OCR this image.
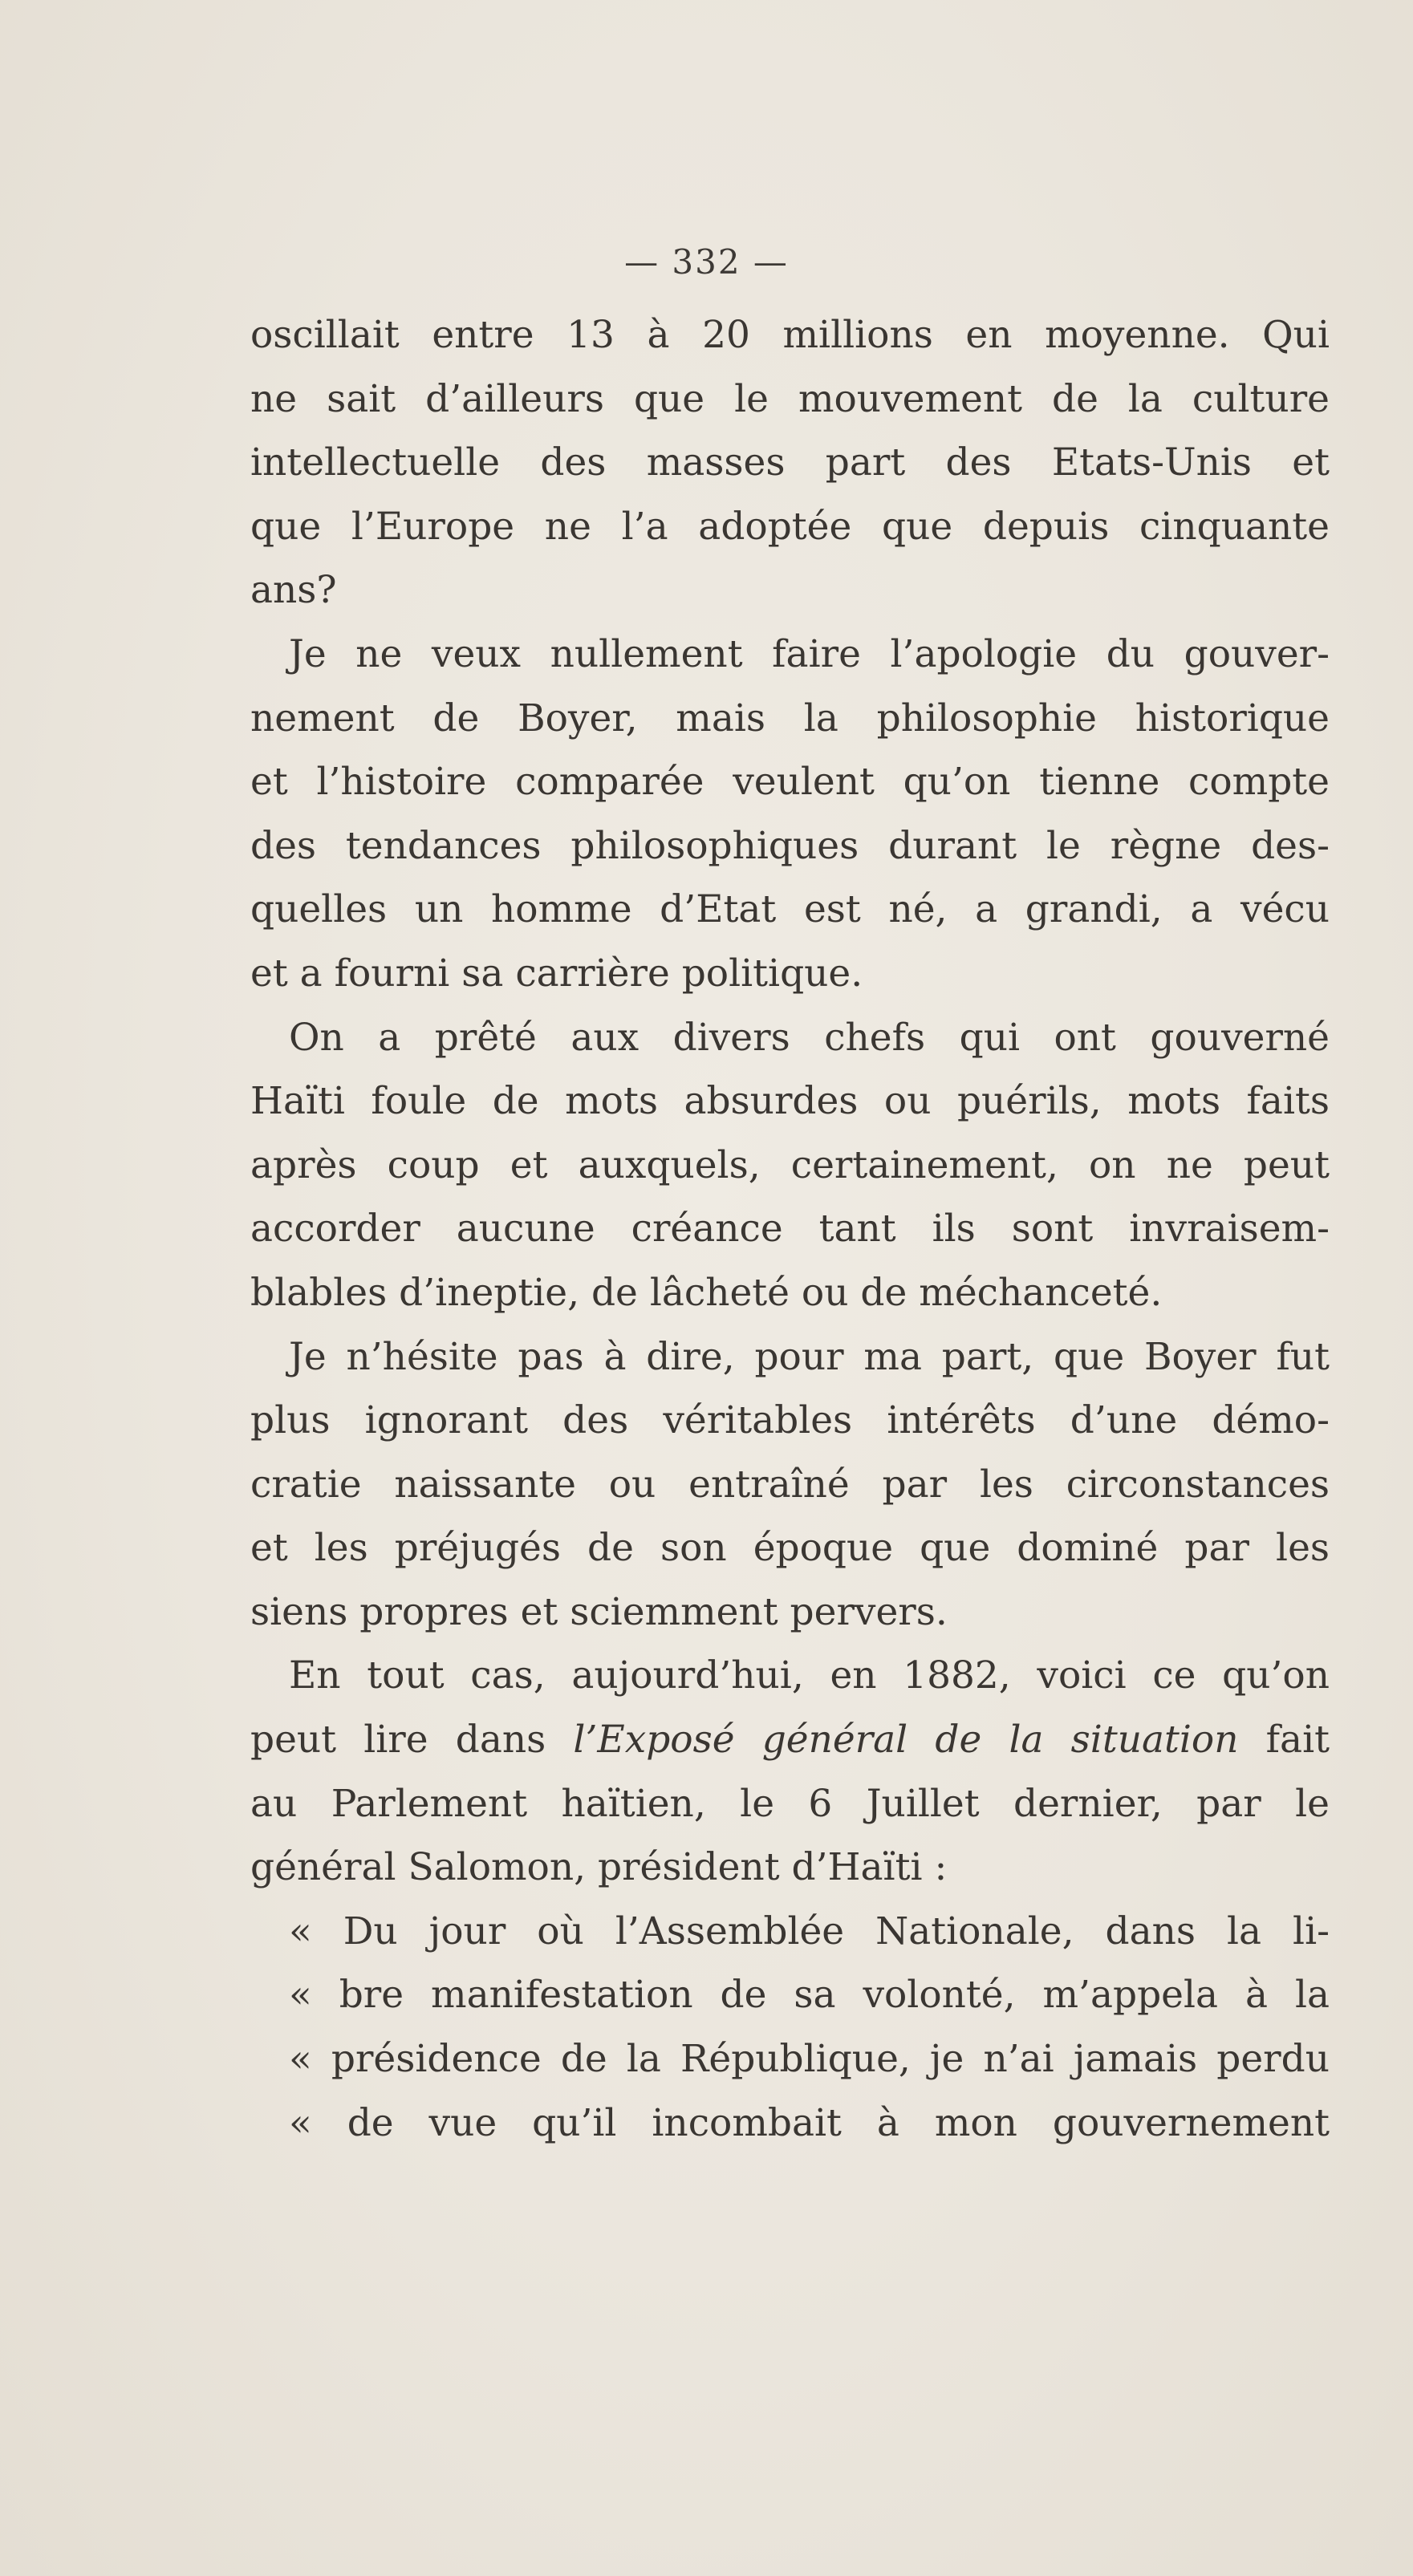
— 332 —
oscillait entre 13 à 20 millions en moyenne. Qui
ne sait d’ailleurs que le mouvement de la culture
intellectuelle des masses part des Etats-Unis et
que l’Europe ne l’a adoptée que depuis cinquante
ans?
Je ne veux nullement faire l’apologie du gouver-
nement de Boyer, mais la philosophie historique
et l’histoire comparée veulent qu’on tienne compte
des tendances philosophiques durant le règne des-
quelles un homme d’Etat est né, a grandi, a vécu
et a fourni sa carrière politique.
On a prêté aux divers chefs qui ont gouverné
Haïti foule de mots absurdes ou puérils, mots faits
après coup et auxquels, certainement, on ne peut
accorder aucune créance tant ils sont invraisem-
blables d’ineptie, de lâcheté ou de méchanceté.
Je n’hésite pas à dire, pour ma part, que Boyer fut
plus ignorant des véritables intérêts d’une démo-
cratie naissante ou entraîné par les circonstances
et les préjugés de son époque que dominé par les
siens propres et sciemment pervers.
En tout cas, aujourd’hui, en 1882, voici ce qu’on
peut lire dans l’Exposé général de la situation fait
au Parlement haïtien, le 6 Juillet dernier, par le
général Salomon, président d’Haïti :
« Du jour où l’Assemblée Nationale, dans la li-
« bre manifestation de sa volonté, m’appela à la
« présidence de la République, je n’ai jamais perdu
« de vue qu’il incombait à mon gouvernement
